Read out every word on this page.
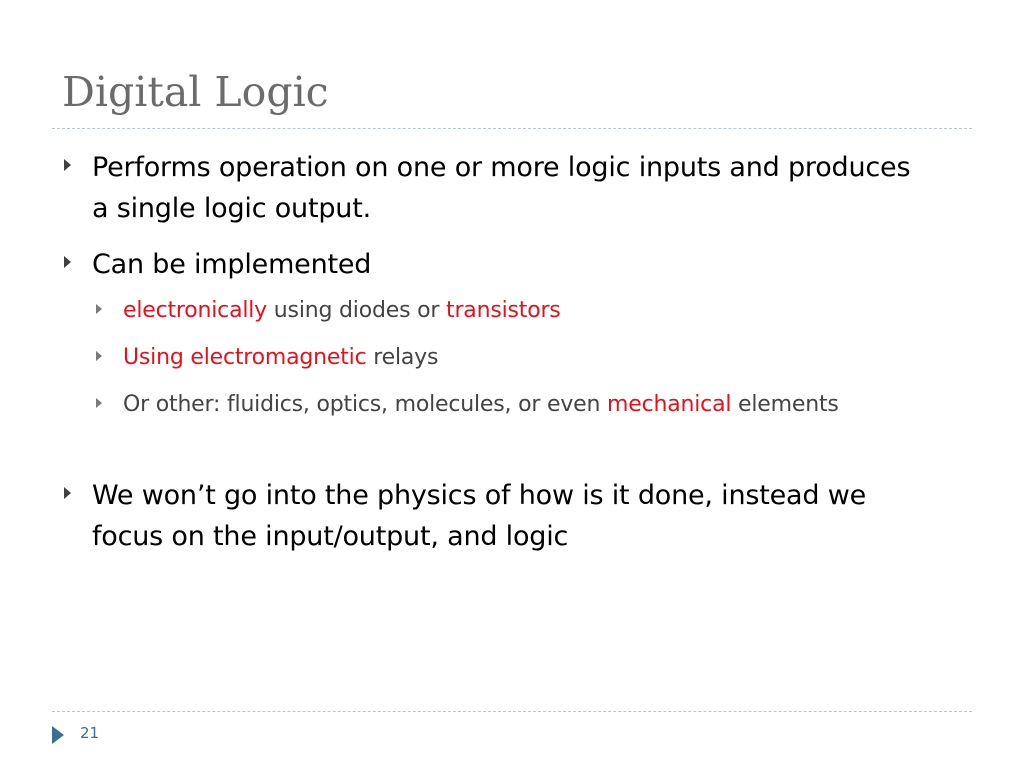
Digital Logic
Performs operation on one or more logic inputs and produces a single logic output.
Can be implemented
electronically using diodes or transistors
Using electromagnetic relays
Or other: fluidics, optics, molecules, or even mechanical elements
We won’t go into the physics of how is it done, instead we focus on the input/output, and logic
21
